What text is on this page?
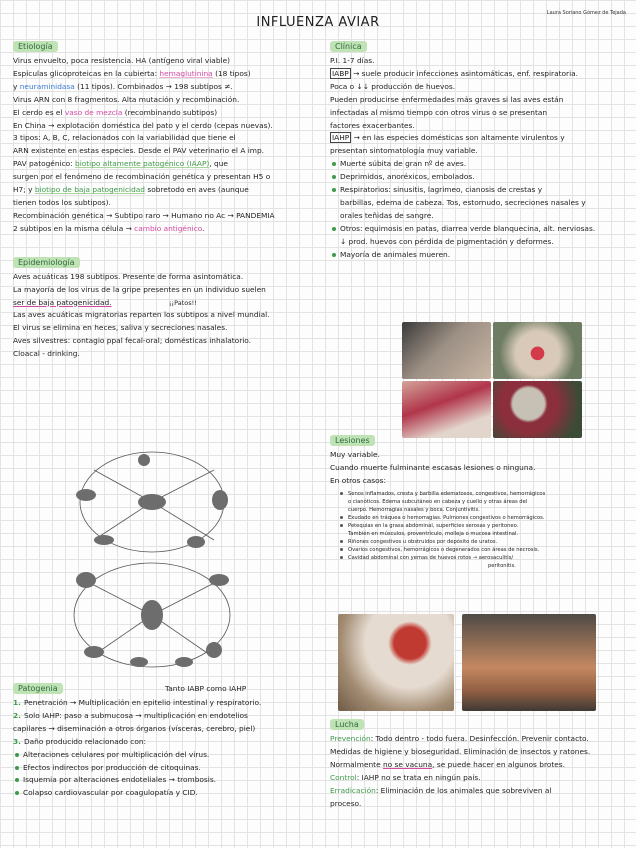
Laura Soriano Gómez de Tejada
INFLUENZA AVIAR
Etiología
Virus envuelto, poca resistencia. HA (antígeno viral viable)
Espículas glicoproteicas en la cubierta: hemaglutinina (18 tipos)
y neuraminidasa (11 tipos). Combinados → 198 subtipos ≠.
Virus ARN con 8 fragmentos. Alta mutación y recombinación.
El cerdo es el vaso de mezcla (recombinando subtipos)
En China → explotación doméstica del pato y el cerdo (cepas nuevas).
3 tipos: A, B, C, relacionados con la variabilidad que tiene el
ARN existente en estas especies. Desde el PAV veterinario el A imp.
PAV patogénico: biotipo altamente patogénico (IAAP), que
surgen por el fenómeno de recombinación genética y presentan H5 o
H7; y biotipo de baja patogenicidad sobretodo en aves (aunque
tienen todos los subtipos).
Recombinación genética → Subtipo raro → Humano no Ac → PANDEMIA
2 subtipos en la misma célula → cambio antigénico.
Epidemiología
Aves acuáticas 198 subtipos. Presente de forma asintomática.
La mayoría de los virus de la gripe presentes en un individuo suelen
ser de baja patogenicidad.	¡¡Patos!!
Las aves acuáticas migratorias reparten los subtipos a nivel mundial.
El virus se elimina en heces, saliva y secreciones nasales.
Aves silvestres: contagio ppal fecal-oral; domésticas inhalatorio.
Cloacal - drinking.
Patogenia	Tanto IABP como IAHP
1. Penetración → Multiplicación en epitelio intestinal y respiratorio.
2. Solo IAHP: paso a submucosa → multiplicación en endotelios
capilares → diseminación a otros órganos (vísceras, cerebro, piel)
3. Daño producido relacionado con:
Alteraciones celulares por multiplicación del virus.
Efectos indirectos por producción de citoquinas.
Isquemia por alteraciones endoteliales → trombosis.
Colapso cardiovascular por coagulopatía y CID.
Clínica
P.I. 1-7 días.
IABP → suele producir infecciones asintomáticas, enf. respiratoria.
Poca o ↓↓ producción de huevos.
Pueden producirse enfermedades más graves si las aves están
infectadas al mismo tiempo con otros virus o se presentan
factores exacerbantes.
IAHP → en las especies domésticas son altamente virulentos y
presentan sintomatología muy variable.
Muerte súbita de gran nº de aves.
Deprimidos, anoréxicos, embolados.
Respiratorios: sinusitis, lagrimeo, cianosis de crestas y
barbillas, edema de cabeza. Tos, estornudo, secreciones nasales y
orales teñidas de sangre.
Otros: equimosis en patas, diarrea verde blanquecina, alt. nerviosas.
↓ prod. huevos con pérdida de pigmentación y deformes.
Mayoría de animales mueren.
Lesiones
Muy variable.
Cuando muerte fulminante escasas lesiones o ninguna.
En otros casos:
Senos inflamados, cresta y barbilla edematosos, congestivos, hemorrágicos
o cianóticos. Edema subcutáneo en cabeza y cuello y otras áreas del
cuerpo. Hemorragias nasales y boca. Conjuntivitis.
Exudado en tráquea o hemorragias. Pulmones congestivos o hemorrágicos.
Petequias en la grasa abdominal, superficies serosas y peritoneo.
También en músculos, proventrículo, molleja o mucosa intestinal.
Riñones congestivos u obstruidos por depósito de uratos.
Ovarios congestivos, hemorrágicos o degenerados con áreas de necrosis.
Cavidad abdominal con yemas de huevos rotos → aerosaculitis/
peritonitis.
Lucha
Prevención: Todo dentro - todo fuera. Desinfección. Prevenir contacto.
Medidas de higiene y bioseguridad. Eliminación de insectos y ratones.
Normalmente no se vacuna, se puede hacer en algunos brotes.
Control: IAHP no se trata en ningún país.
Erradicación: Eliminación de los animales que sobreviven al
proceso.
